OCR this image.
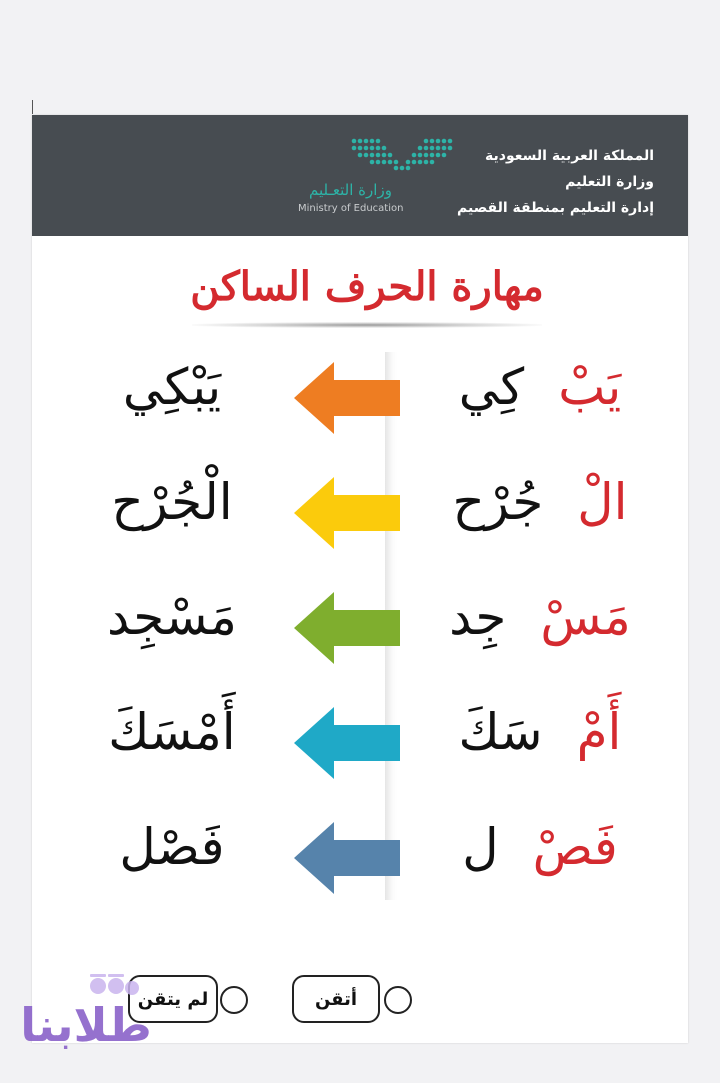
وزارة التعـليم
Ministry of Education
المملكة العربية السعودية
وزارة التعليم
إدارة التعليم بمنطقة القصيم
مهارة الحرف الساكن
يَبْكِي
يَبْكِي
الْجُرْح
الْجُرْح
مَسْجِد
مَسْجِد
أَمْسَكَ
أَمْسَكَ
فَصْل
فَصْل
أتقن
لم يتقن
طلابنا
